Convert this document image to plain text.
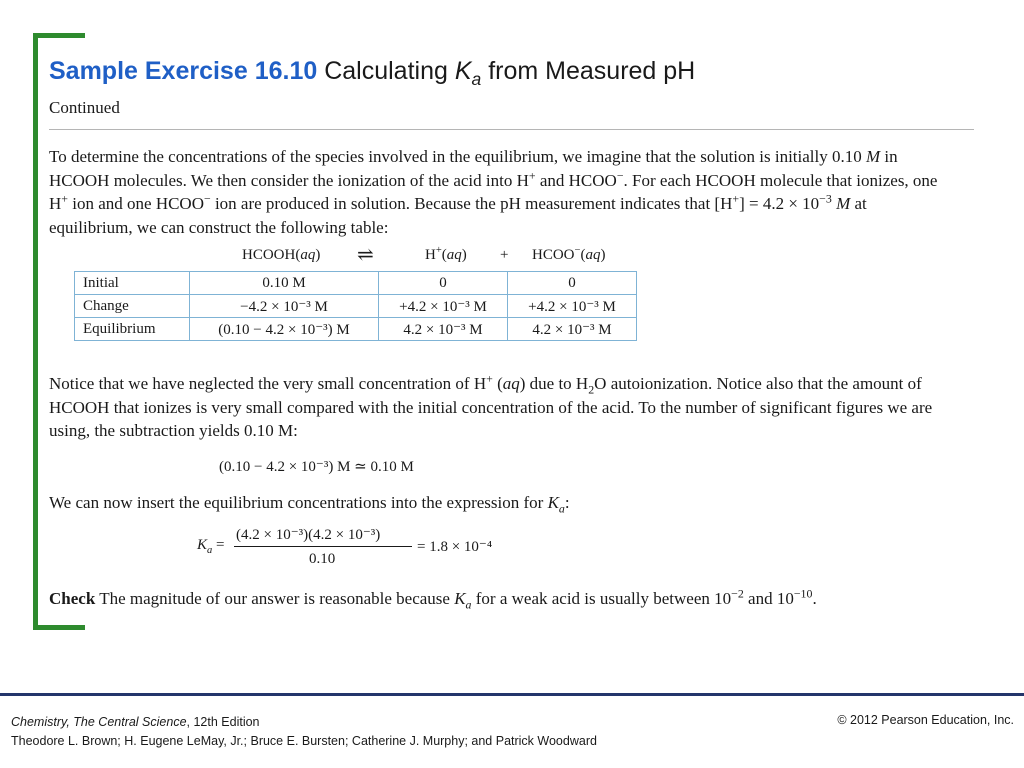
Sample Exercise 16.10 Calculating $K_a$ from Measured pH
Continued
To determine the concentrations of the species involved in the equilibrium, we imagine that the solution is initially 0.10 M in HCOOH molecules. We then consider the ionization of the acid into H+ and HCOO−. For each HCOOH molecule that ionizes, one H+ ion and one HCOO− ion are produced in solution. Because the pH measurement indicates that $[H^+] = 4.2 \times 10^{-3}$ M at equilibrium, we can construct the following table:
HCOOH(aq) ⇌	H+(aq) + HCOO−(aq)
Initial	0.10 M	0	0
Change	−4.2 × 10⁻³ M	+4.2 × 10⁻³ M	+4.2 × 10⁻³ M
Equilibrium	(0.10 − 4.2 × 10⁻³) M	4.2 × 10⁻³ M	4.2 × 10⁻³ M
Notice that we have neglected the very small concentration of H+ (aq) due to $H_2O$ autoionization. Notice also that the amount of HCOOH that ionizes is very small compared with the initial concentration of the acid. To the number of significant figures we are using, the subtraction yields 0.10 M:
(0.10 − 4.2 × 10⁻³) M ≃ 0.10 M
We can now insert the equilibrium concentrations into the expression for $K_a$:
$K_a$ =
(4.2 × 10⁻³)(4.2 × 10⁻³)
0.10
= 1.8 × 10⁻⁴
Check The magnitude of our answer is reasonable because $K_a$ for a weak acid is usually between $10^{-2}$ and $10^{-10}$.
Chemistry, The Central Science, 12th Edition
Theodore L. Brown; H. Eugene LeMay, Jr.; Bruce E. Bursten; Catherine J. Murphy; and Patrick Woodward
© 2012 Pearson Education, Inc.
